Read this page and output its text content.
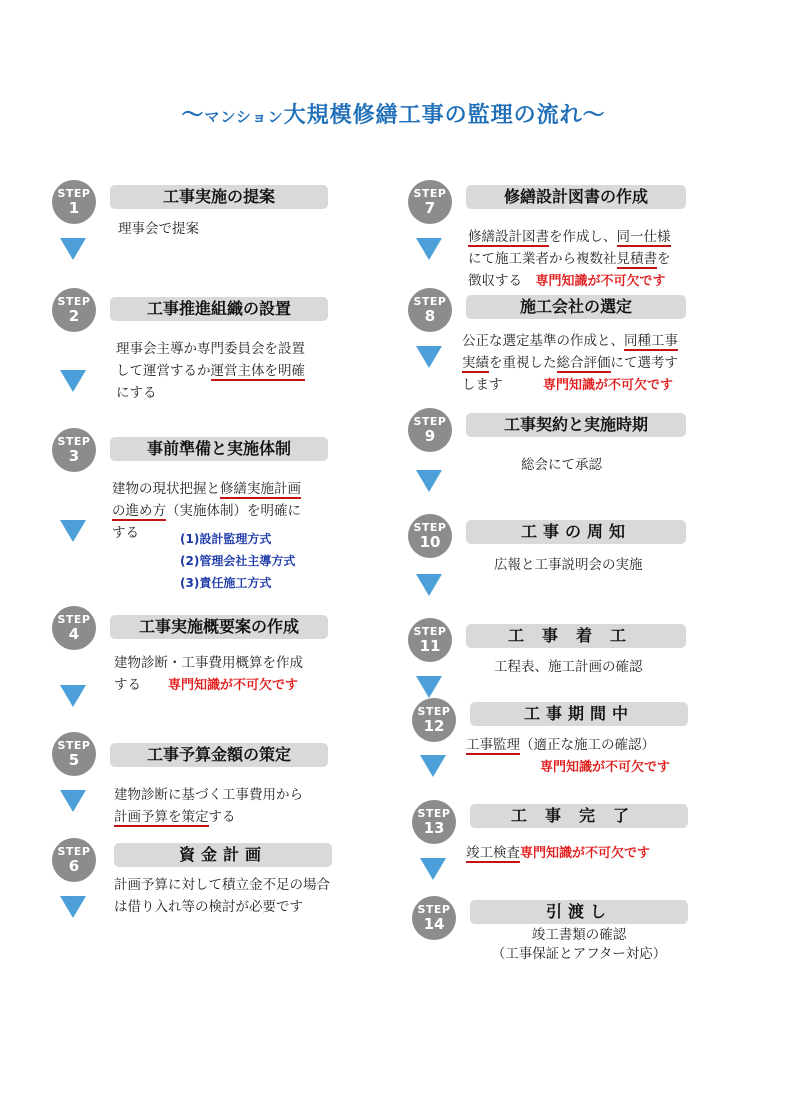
～マンション大規模修繕工事の監理の流れ～
STEP
1
工事実施の提案
理事会で提案
STEP
2	工事推進組織の設置
理事会主導か専門委員会を設置
して運営するか運営主体を明確
にする
STEP
3	事前準備と実施体制
建物の現状把握と修繕実施計画
の進め方（実施体制）を明確に
する	(1)設計監理方式
(2)管理会社主導方式
(3)責任施工方式
STEP
4	工事実施概要案の作成
建物診断・工事費用概算を作成
する　　 専門知識が不可欠です
STEP
5	工事予算金額の策定
建物診断に基づく工事費用から
計画予算を策定する
STEP
6
資金計画
計画予算に対して積立金不足の場合
は借り入れ等の検討が必要です
STEP
7
修繕設計図書の作成
修繕設計図書を作成し、同一仕様
にて施工業者から複数社見積書を
徴収する　 専門知識が不可欠です
STEP
8	施工会社の選定
公正な選定基準の作成と、同種工事
実績を重視した総合評価にて選考す
します　　　	専門知識が不可欠です
STEP
9
工事契約と実施時期
総会にて承認
STEP
10
工事の周知
広報と工事説明会の実施
STEP
11
工事着工
工程表、施工計画の確認
STEP
12
工事期間中
工事監理（適正な施工の確認）
専門知識が不可欠です
STEP
13
工事完了
竣工検査専門知識が不可欠です
STEP
14
引渡し
竣工書類の確認
（工事保証とアフター対応）
